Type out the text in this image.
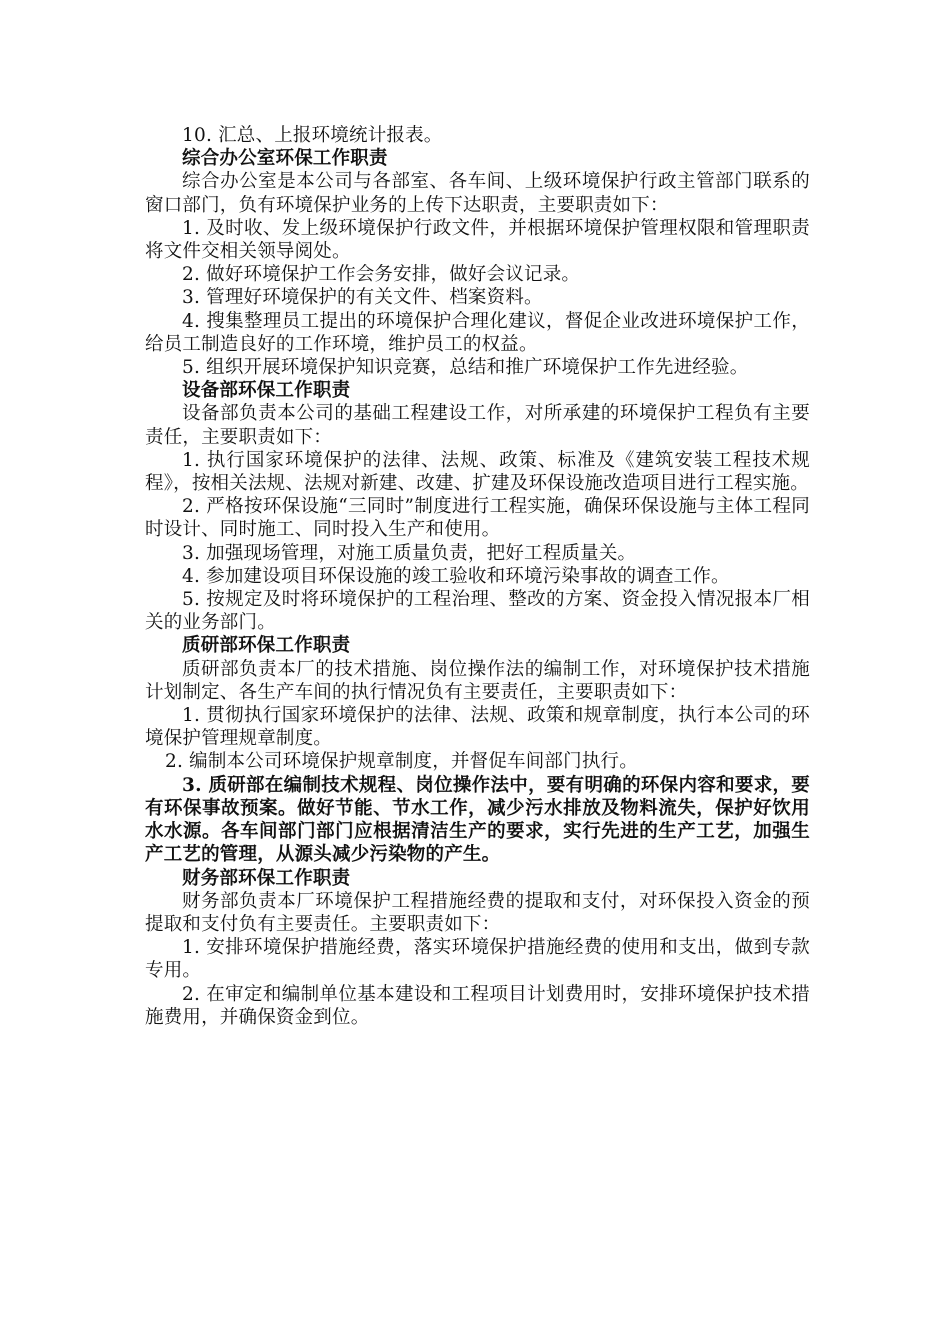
10. 汇总、上报环境统计报表。

综合办公室环保工作职责

综合办公室是本公司与各部室、各车间、上级环境保护行政主管部门联系的窗口部门，负有环境保护业务的上传下达职责，主要职责如下：

1. 及时收、发上级环境保护行政文件，并根据环境保护管理权限和管理职责将文件交相关领导阅处。

2. 做好环境保护工作会务安排，做好会议记录。

3. 管理好环境保护的有关文件、档案资料。

4. 搜集整理员工提出的环境保护合理化建议，督促企业改进环境保护工作，给员工制造良好的工作环境，维护员工的权益。

5. 组织开展环境保护知识竞赛，总结和推广环境保护工作先进经验。

设备部环保工作职责

设备部负责本公司的基础工程建设工作，对所承建的环境保护工程负有主要责任，主要职责如下：

1. 执行国家环境保护的法律、法规、政策、标准及《建筑安装工程技术规程》，按相关法规、法规对新建、改建、扩建及环保设施改造项目进行工程实施。

2. 严格按环保设施“三同时”制度进行工程实施，确保环保设施与主体工程同时设计、同时施工、同时投入生产和使用。

3. 加强现场管理，对施工质量负责，把好工程质量关。

4. 参加建设项目环保设施的竣工验收和环境污染事故的调查工作。

5. 按规定及时将环境保护的工程治理、整改的方案、资金投入情况报本厂相关的业务部门。

质研部环保工作职责

质研部负责本厂的技术措施、岗位操作法的编制工作，对环境保护技术措施计划制定、各生产车间的执行情况负有主要责任，主要职责如下：

1. 贯彻执行国家环境保护的法律、法规、政策和规章制度，执行本公司的环境保护管理规章制度。

2. 编制本公司环境保护规章制度，并督促车间部门执行。

3. 质研部在编制技术规程、岗位操作法中，要有明确的环保内容和要求，要有环保事故预案。做好节能、节水工作，减少污水排放及物料流失，保护好饮用水水源。各车间部门部门应根据清洁生产的要求，实行先进的生产工艺，加强生产工艺的管理，从源头减少污染物的产生。

财务部环保工作职责

财务部负责本厂环境保护工程措施经费的提取和支付，对环保投入资金的预提取和支付负有主要责任。主要职责如下：

1. 安排环境保护措施经费，落实环境保护措施经费的使用和支出，做到专款专用。

2. 在审定和编制单位基本建设和工程项目计划费用时，安排环境保护技术措施费用，并确保资金到位。
